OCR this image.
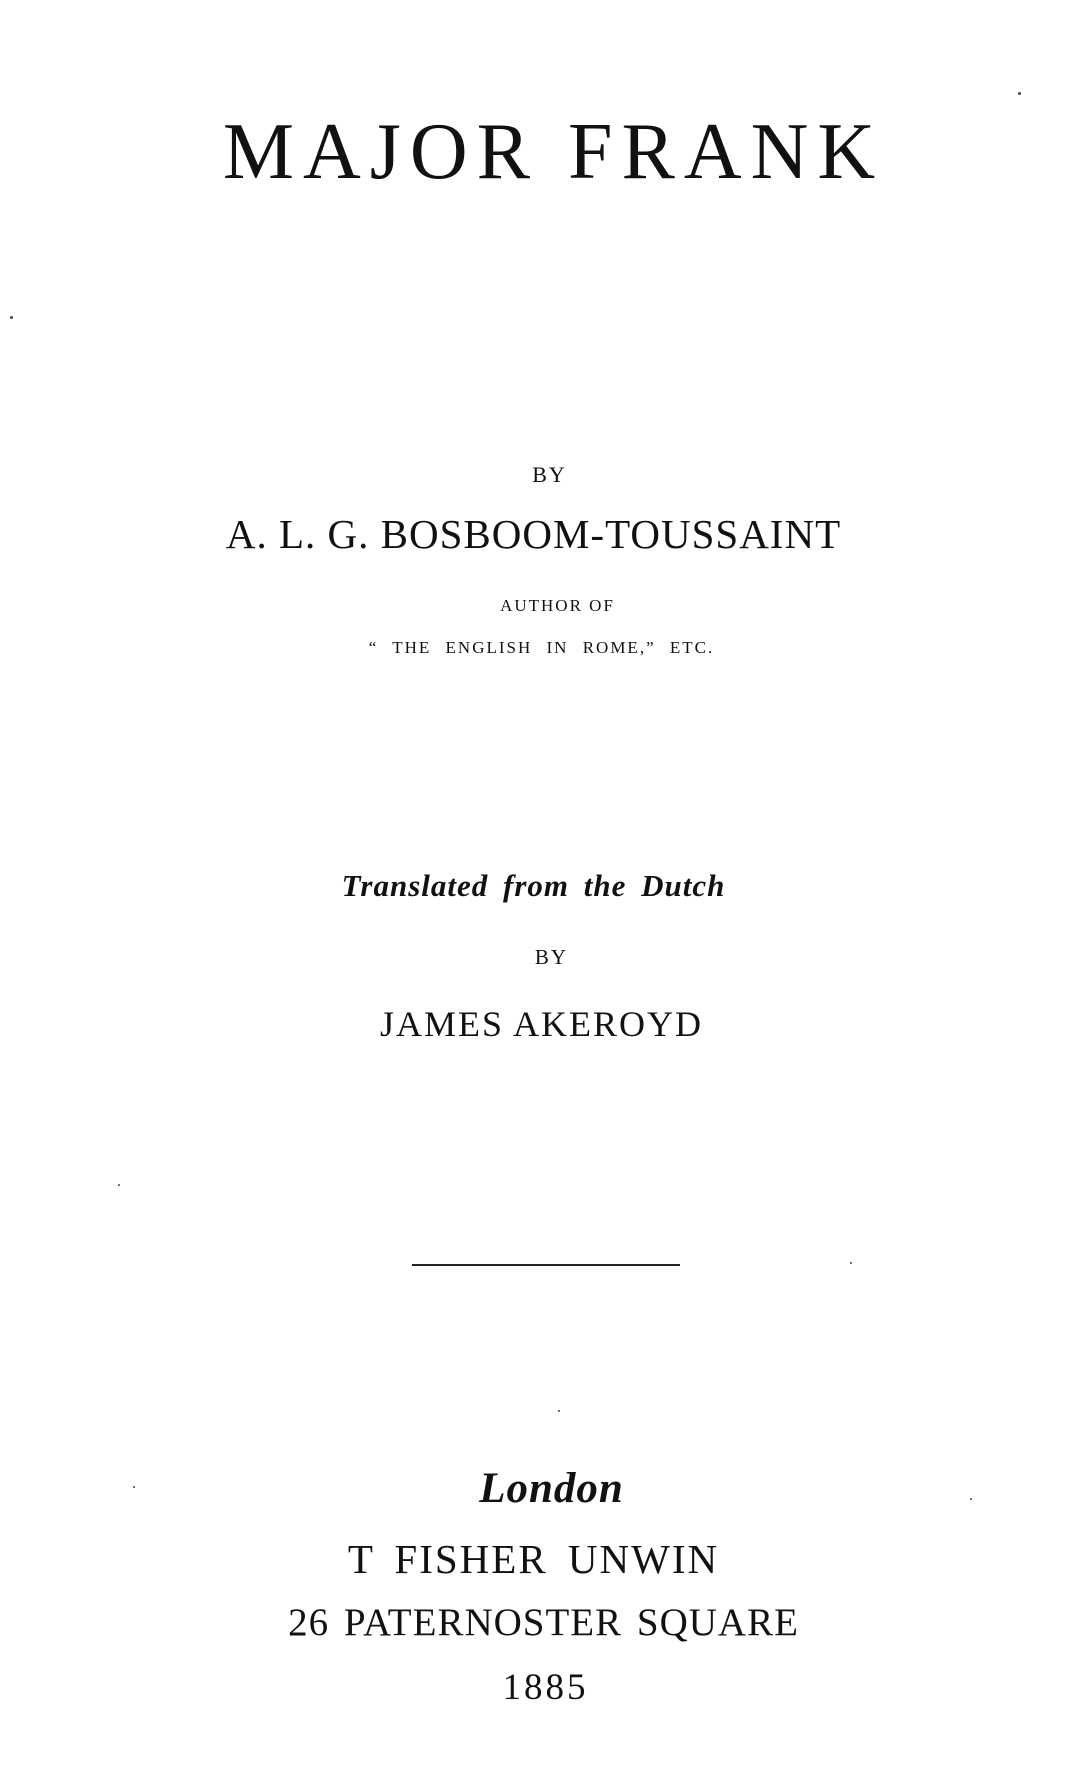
MAJOR FRANK

BY

A. L. G. BOSBOOM-TOUSSAINT

AUTHOR OF

“ THE ENGLISH IN ROME,” ETC.

Translated from the Dutch

BY

JAMES AKEROYD

London

T FISHER UNWIN

26 PATERNOSTER SQUARE

1885
